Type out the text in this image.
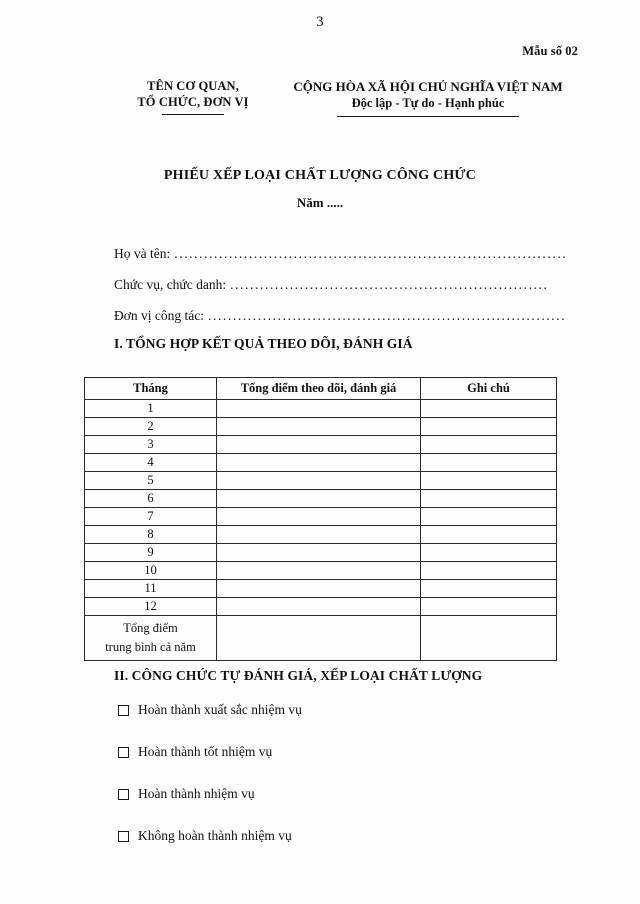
3
Mẫu số 02
TÊN CƠ QUAN,
TỔ CHỨC, ĐƠN VỊ
CỘNG HÒA XÃ HỘI CHỦ NGHĨA VIỆT NAM
Độc lập - Tự do - Hạnh phúc
PHIẾU XẾP LOẠI CHẤT LƯỢNG CÔNG CHỨC
Năm .....
Họ và tên: ...............................................................................
Chức vụ, chức danh: ................................................................
Đơn vị công tác: ........................................................................
I. TỔNG HỢP KẾT QUẢ THEO DÕI, ĐÁNH GIÁ
Tháng	Tổng điểm theo dõi, đánh giá	Ghi chú
1		
2		
3		
4		
5		
6		
7		
8		
9		
10		
11		
12		

Tổng điểm
trung bình cả năm		

II. CÔNG CHỨC TỰ ĐÁNH GIÁ, XẾP LOẠI CHẤT LƯỢNG
Hoàn thành xuất sắc nhiệm vụ
Hoàn thành tốt nhiệm vụ
Hoàn thành nhiệm vụ
Không hoàn thành nhiệm vụ
